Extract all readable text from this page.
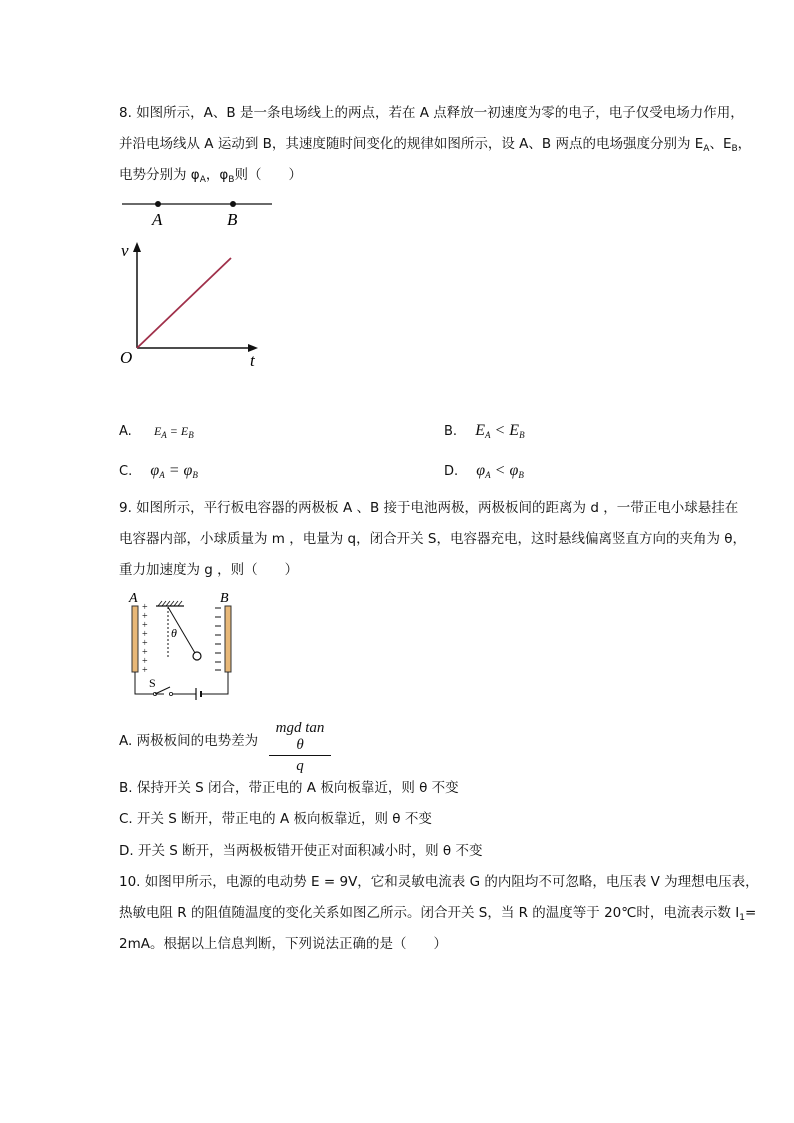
8. 如图所示，A、B 是一条电场线上的两点，若在 A 点释放一初速度为零的电子，电子仅受电场力作用，
并沿电场线从 A 运动到 B，其速度随时间变化的规律如图所示，设 A、B 两点的电场强度分别为 $E_A$、$E_B$，
电势分别为 $\varphi_A$，$\varphi_B$则（　　）
A	B
v
t
O
A. $E_A = E_B$	B. $E_A < E_B$
C. $\varphi_A = \varphi_B$	D. $\varphi_A < \varphi_B$
9. 如图所示，平行板电容器的两极板 A 、B 接于电池两极，两极板间的距离为 d ，一带正电小球悬挂在
电容器内部，小球质量为 m ，电量为 q，闭合开关 S，电容器充电，这时悬线偏离竖直方向的夹角为 θ，
重力加速度为 g ，则（　　）
A
+
+
+
+
+
+
+
+
B
θ
S
A. 两极板间的电势差为
mgd tan θ
q
B. 保持开关 S 闭合，带正电的 A 板向板靠近，则 θ 不变
C. 开关 S 断开，带正电的 A 板向板靠近，则 θ 不变
D. 开关 S 断开，当两极板错开使正对面积减小时，则 θ 不变
10. 如图甲所示，电源的电动势 E = 9V，它和灵敏电流表 G 的内阻均不可忽略，电压表 V 为理想电压表，
热敏电阻 R 的阻值随温度的变化关系如图乙所示。闭合开关 S，当 R 的温度等于 20℃时，电流表示数 $I_1=$
2mA。根据以上信息判断，下列说法正确的是（　　）
